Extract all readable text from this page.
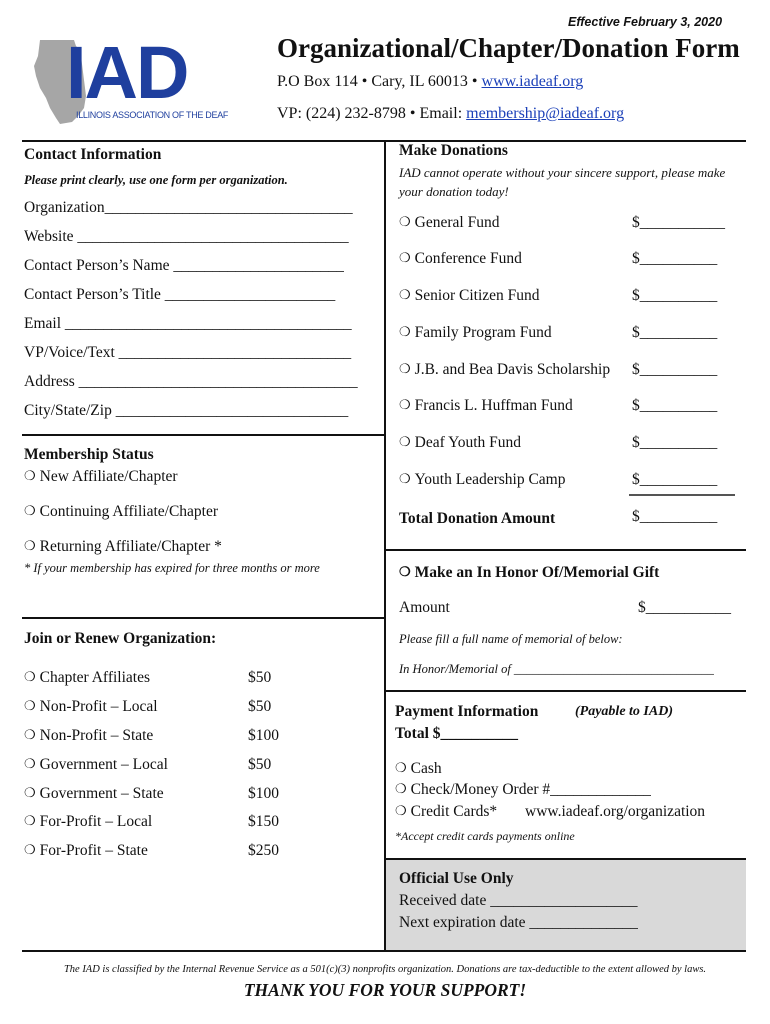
Effective February 3, 2020
IAD
ILLINOIS ASSOCIATION OF THE DEAF
Organizational/Chapter/Donation Form
P.O Box 114 • Cary, IL 60013 • www.iadeaf.org
VP: (224) 232-8798 • Email: membership@iadeaf.org
Contact Information
Please print clearly, use one form per organization.
Organization________________________________
Website ___________________________________
Contact Person’s Name ______________________
Contact Person’s Title ______________________
Email _____________________________________
VP/Voice/Text ______________________________
Address ____________________________________
City/State/Zip ______________________________
Membership Status
❍ New Affiliate/Chapter
❍ Continuing Affiliate/Chapter
❍ Returning Affiliate/Chapter *
* If your membership has expired for three months or more
Join or Renew Organization:
❍ Chapter Affiliates	$50
❍ Non-Profit – Local	$50
❍ Non-Profit – State	$100
❍ Government – Local	$50
❍ Government – State	$100
❍ For-Profit – Local	$150
❍ For-Profit – State	$250
Make Donations
IAD cannot operate without your sincere support, please make your donation today!
❍ General Fund	$___________
❍ Conference Fund	$__________
❍ Senior Citizen Fund	$__________
❍ Family Program Fund	$__________
❍ J.B. and Bea Davis Scholarship $__________
❍ Francis L. Huffman Fund	$__________
❍ Deaf Youth Fund	$__________
❍ Youth Leadership Camp	$__________
Total Donation Amount	$__________
❍ Make an In Honor Of/Memorial Gift
Amount	$___________
Please fill a full name of memorial of below:
In Honor/Memorial of ________________________________
Payment Information	(Payable to IAD)
Total $__________
❍ Cash
❍ Check/Money Order #_____________
❍ Credit Cards* www.iadeaf.org/organization
*Accept credit cards payments online
Official Use Only
Received date ___________________
Next expiration date ______________
The IAD is classified by the Internal Revenue Service as a 501(c)(3) nonprofits organization. Donations are tax-deductible to the extent allowed by laws.
THANK YOU FOR YOUR SUPPORT!
